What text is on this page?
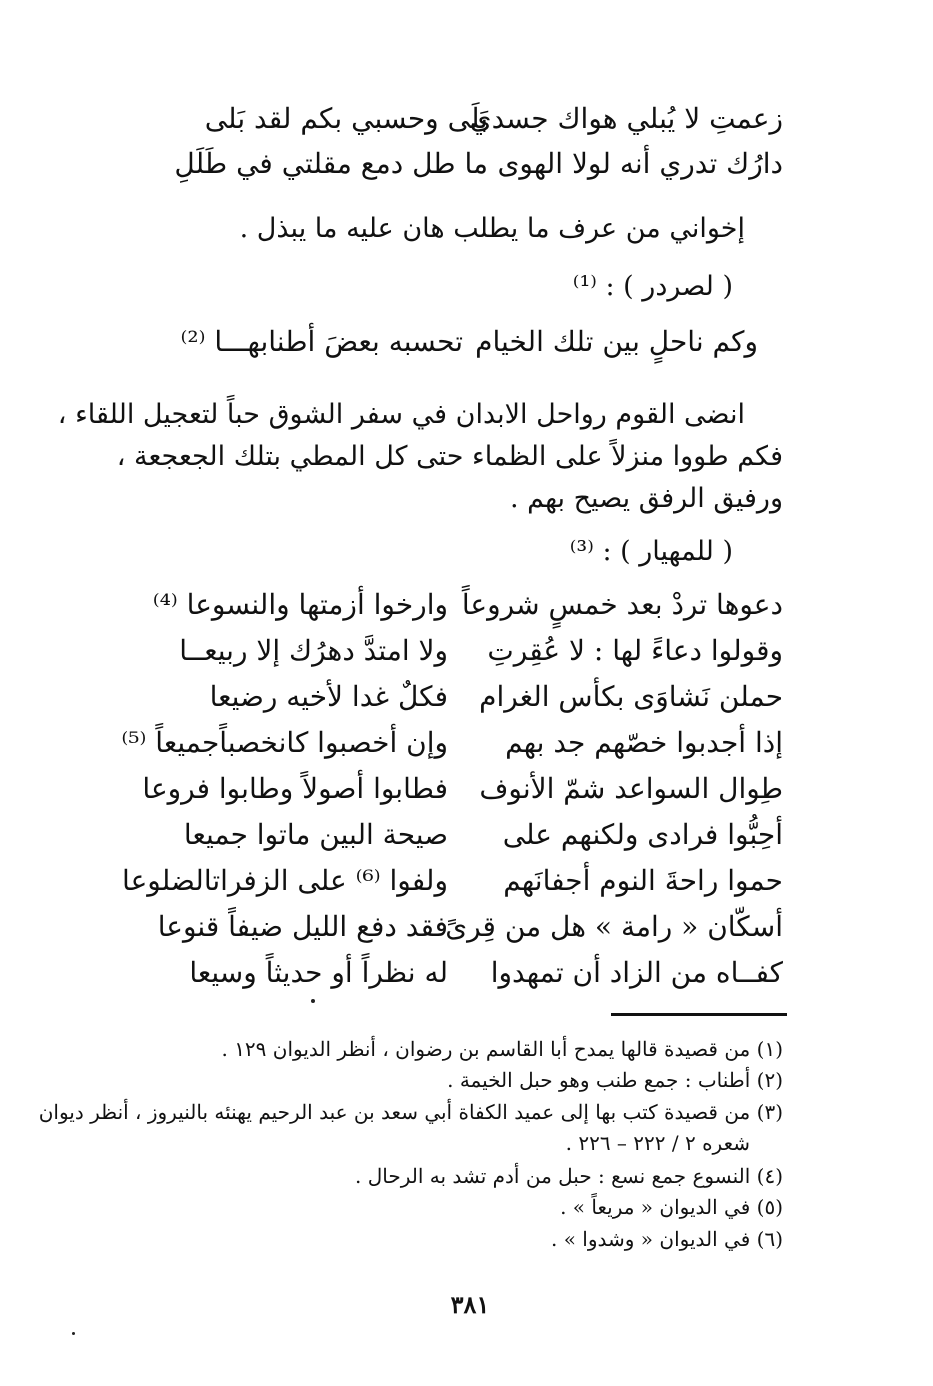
زعمتِ لا يُبلي هواك جسدي
بَلَى وحسبي بكم لقد بَلى
دارُك تدري أنه لولا الهوى
ما طل دمع مقلتي في طَلَلِ
إخواني من عرف ما يطلب هان عليه ما يبذل .
( لصردر ) : ⁽¹⁾
وكم ناحلٍ بين تلك الخيام
تحسبه بعضَ أطنابهـــا ⁽²⁾
انضى القوم رواحل الابدان في سفر الشوق حباً لتعجيل اللقاء ،
فكم طووا منزلاً على الظماء حتى كل المطي بتلك الجعجعة ،
ورفيق الرفق يصيح بهم .
( للمهيار ) : ⁽³⁾
دعوها تردْ بعد خمسٍ شروعاً
وارخوا أزمتها والنسوعا ⁽⁴⁾
وقولوا دعاءً لها : لا عُقِرتِ
ولا امتدَّ دهرُك إلا ربيعــا
حملن نَشاوَى بكأس الغرام
فكلٌ غدا لأخيه رضيعا
إذا أجدبوا خصّهم جد بهم
وإن أخصبوا كانخصباًجميعاً ⁽⁵⁾
طِوال السواعد شمّ الأنوف
فطابوا أصولاً وطابوا فروعا
أحِبُّوا فرادى ولكنهم على
صيحة البين ماتوا جميعا
حموا راحةَ النوم أجفانَهم
ولفوا ⁽⁶⁾ على الزفراتالضلوعا
أسكّان « رامة » هل من قِرىً
فقد دفع الليل ضيفاً قنوعا
كفــاه من الزاد أن تمهدوا
له نظراً أو حديثاً وسيعا
(١) من قصيدة قالها يمدح أبا القاسم بن رضوان ، أنظر الديوان ١٢٩ .
(٢) أطناب : جمع طنب وهو حبل الخيمة .
(٣) من قصيدة كتب بها إلى عميد الكفاة أبي سعد بن عبد الرحيم يهنئه بالنيروز ، أنظر ديوان
شعره ٢ / ٢٢٢ – ٢٢٦ .
(٤) النسوع جمع نسع : حبل من أدم تشد به الرحال .
(٥) في الديوان « مريعاً » .
(٦) في الديوان « وشدوا » .
٣٨١
